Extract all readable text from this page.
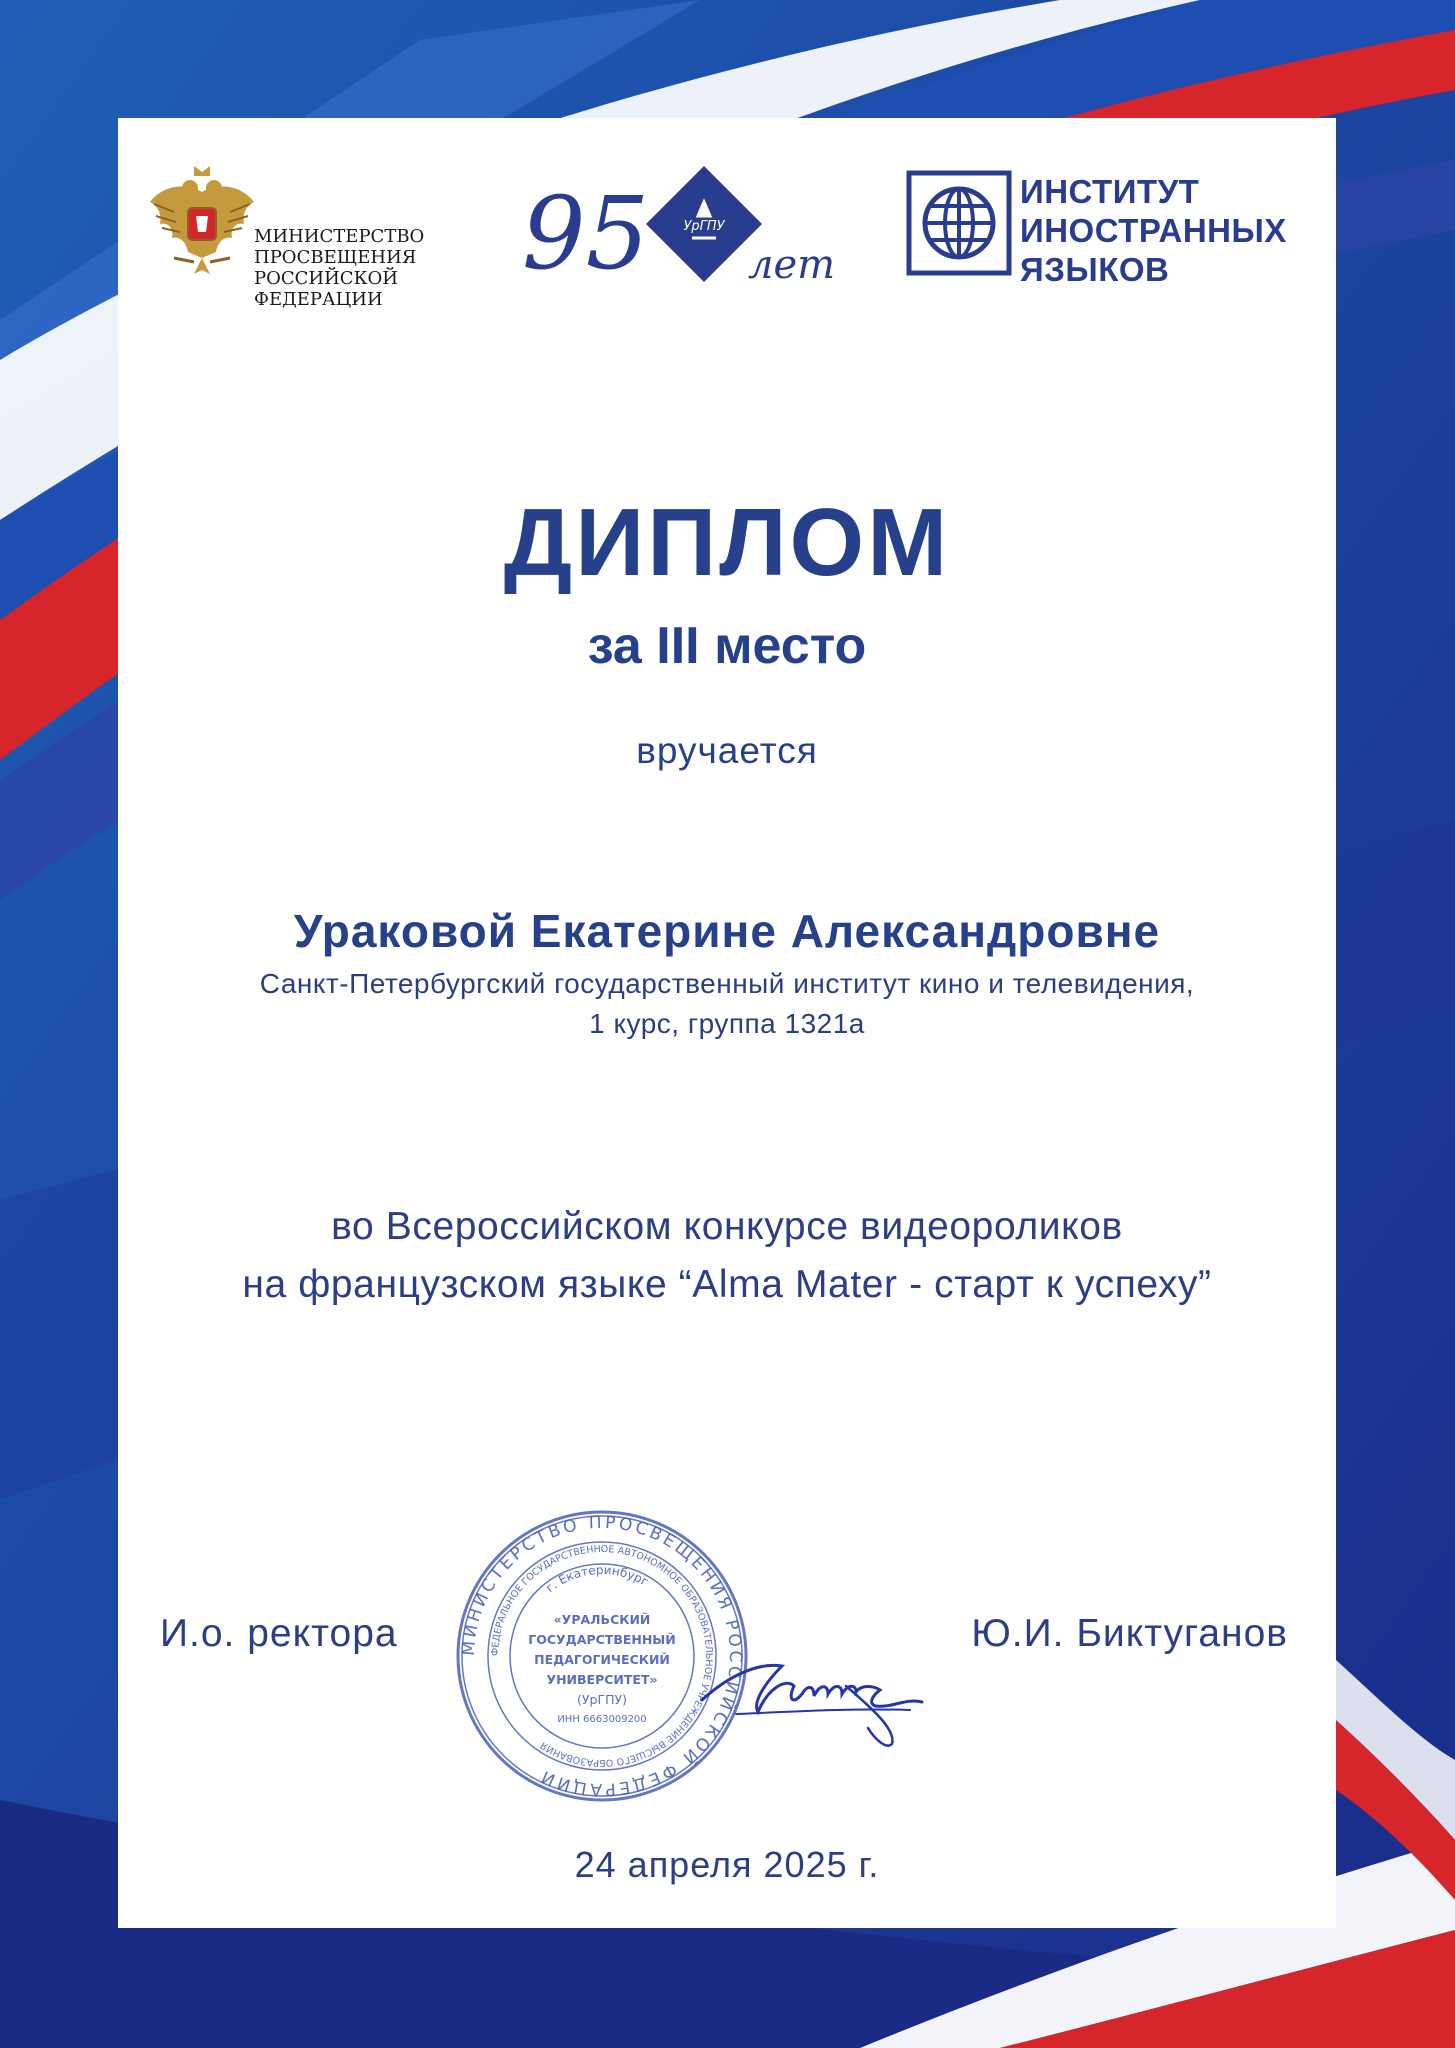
МИНИСТЕРСТВО
ПРОСВЕЩЕНИЯ
РОССИЙСКОЙ
ФЕДЕРАЦИИ
95	УрГПУ
лет
ИНСТИТУТ
ИНОСТРАННЫХ
ЯЗЫКОВ
ДИПЛОМ
за III место
вручается
Ураковой Екатерине Александровне
Санкт-Петербургский государственный институт кино и телевидения,
1 курс, группа 1321а
во Всероссийском конкурсе видеороликов
на французском языке “Alma Mater - старт к успеху”
И.о. ректора	МИНИСТЕРСТВО ПРОСВЕЩЕНИЯ РОССИЙСКОЙ ФЕДЕРАЦИИ
ФЕДЕРАЛЬНОЕ ГОСУДАРСТВЕННОЕ АВТОНОМНОЕ ОБРАЗОВАТЕЛЬНОЕ УЧРЕЖДЕНИЕ ВЫСШЕГО ОБРАЗОВАНИЯ
г. Екатеринбург
«УРАЛЬСКИЙ
ГОСУДАРСТВЕННЫЙ
ПЕДАГОГИЧЕСКИЙ
УНИВЕРСИТЕТ»
(УрГПУ)
ИНН 6663009200
Ю.И. Биктуганов
24 апреля 2025 г.
